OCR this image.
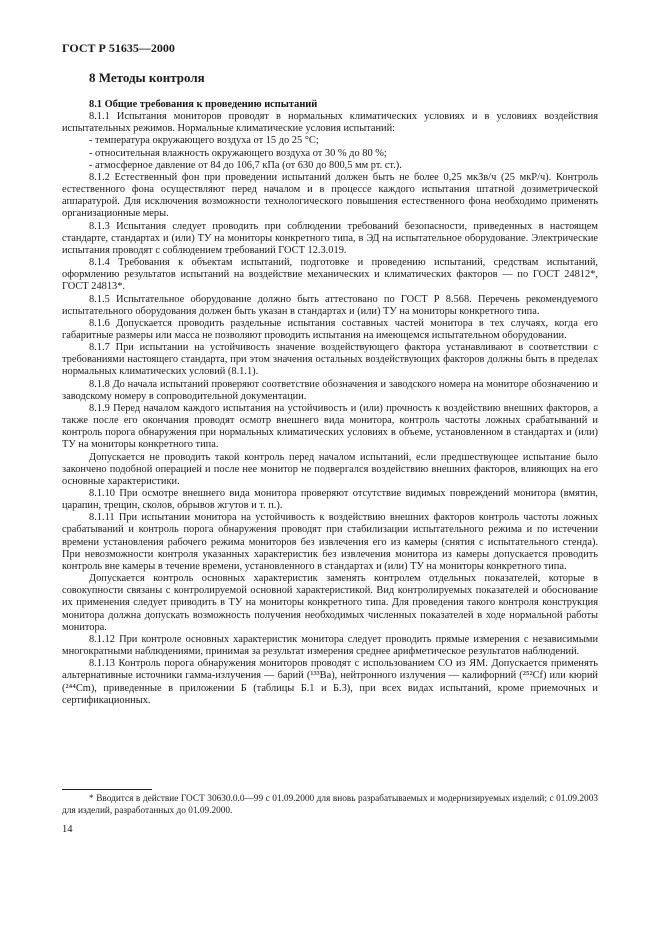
ГОСТ Р 51635—2000
8 Методы контроля

8.1 Общие требования к проведению испытаний

8.1.1 Испытания мониторов проводят в нормальных климатических условиях и в условиях воздействия испытательных режимов. Нормальные климатические условия испытаний:

- температура окружающего воздуха от 15 до 25 °С;

- относительная влажность окружающего воздуха от 30 % до 80 %;

- атмосферное давление от 84 до 106,7 кПа (от 630 до 800,5 мм рт. ст.).

8.1.2 Естественный фон при проведении испытаний должен быть не более 0,25 мкЗв/ч (25 мкР/ч). Контроль естественного фона осуществляют перед началом и в процессе каждого испытания штатной дозиметрической аппаратурой. Для исключения возможности технологического повышения естественного фона необходимо применять организационные меры.

8.1.3 Испытания следует проводить при соблюдении требований безопасности, приведенных в настоящем стандарте, стандартах и (или) ТУ на мониторы конкретного типа, в ЭД на испытательное оборудование. Электрические испытания проводят с соблюдением требований ГОСТ 12.3.019.

8.1.4 Требования к объектам испытаний, подготовке и проведению испытаний, средствам испытаний, оформлению результатов испытаний на воздействие механических и климатических факторов — по ГОСТ 24812*, ГОСТ 24813*.

8.1.5 Испытательное оборудование должно быть аттестовано по ГОСТ Р 8.568. Перечень рекомендуемого испытательного оборудования должен быть указан в стандартах и (или) ТУ на мониторы конкретного типа.

8.1.6 Допускается проводить раздельные испытания составных частей монитора в тех случаях, когда его габаритные размеры или масса не позволяют проводить испытания на имеющемся испытательном оборудовании.

8.1.7 При испытании на устойчивость значение воздействующего фактора устанавливают в соответствии с требованиями настоящего стандарта, при этом значения остальных воздействующих факторов должны быть в пределах нормальных климатических условий (8.1.1).

8.1.8 До начала испытаний проверяют соответствие обозначения и заводского номера на мониторе обозначению и заводскому номеру в сопроводительной документации.

8.1.9 Перед началом каждого испытания на устойчивость и (или) прочность к воздействию внешних факторов, а также после его окончания проводят осмотр внешнего вида монитора, контроль частоты ложных срабатываний и контроль порога обнаружения при нормальных климатических условиях в объеме, установленном в стандартах и (или) ТУ на мониторы конкретного типа.

Допускается не проводить такой контроль перед началом испытаний, если предшествующее испытание было закончено подобной операцией и после нее монитор не подвергался воздействию внешних факторов, влияющих на его основные характеристики.

8.1.10 При осмотре внешнего вида монитора проверяют отсутствие видимых повреждений монитора (вмятин, царапин, трещин, сколов, обрывов жгутов и т. п.).

8.1.11 При испытании монитора на устойчивость к воздействию внешних факторов контроль частоты ложных срабатываний и контроль порога обнаружения проводят при стабилизации испытательного режима и по истечении времени установления рабочего режима мониторов без извлечения его из камеры (снятия с испытательного стенда). При невозможности контроля указанных характеристик без извлечения монитора из камеры допускается проводить контроль вне камеры в течение времени, установленного в стандартах и (или) ТУ на мониторы конкретного типа.

Допускается контроль основных характеристик заменять контролем отдельных показателей, которые в совокупности связаны с контролируемой основной характеристикой. Вид контролируемых показателей и обоснование их применения следует приводить в ТУ на мониторы конкретного типа. Для проведения такого контроля конструкция монитора должна допускать возможность получения необходимых численных показателей в ходе нормальной работы монитора.

8.1.12 При контроле основных характеристик монитора следует проводить прямые измерения с независимыми многократными наблюдениями, принимая за результат измерения среднее арифметическое результатов наблюдений.

8.1.13 Контроль порога обнаружения мониторов проводят с использованием СО из ЯМ. Допускается применять альтернативные источники гамма-излучения — барий (¹³³Ba), нейтронного излучения — калифорний (²⁵²Cf) или кюрий (²⁴⁴Cm), приведенные в приложении Б (таблицы Б.1 и Б.3), при всех видах испытаний, кроме приемочных и сертификационных.

* Вводится в действие ГОСТ 30630.0.0—99 с 01.09.2000 для вновь разрабатываемых и модернизируемых изделий; с 01.09.2003 для изделий, разработанных до 01.09.2000.
14
